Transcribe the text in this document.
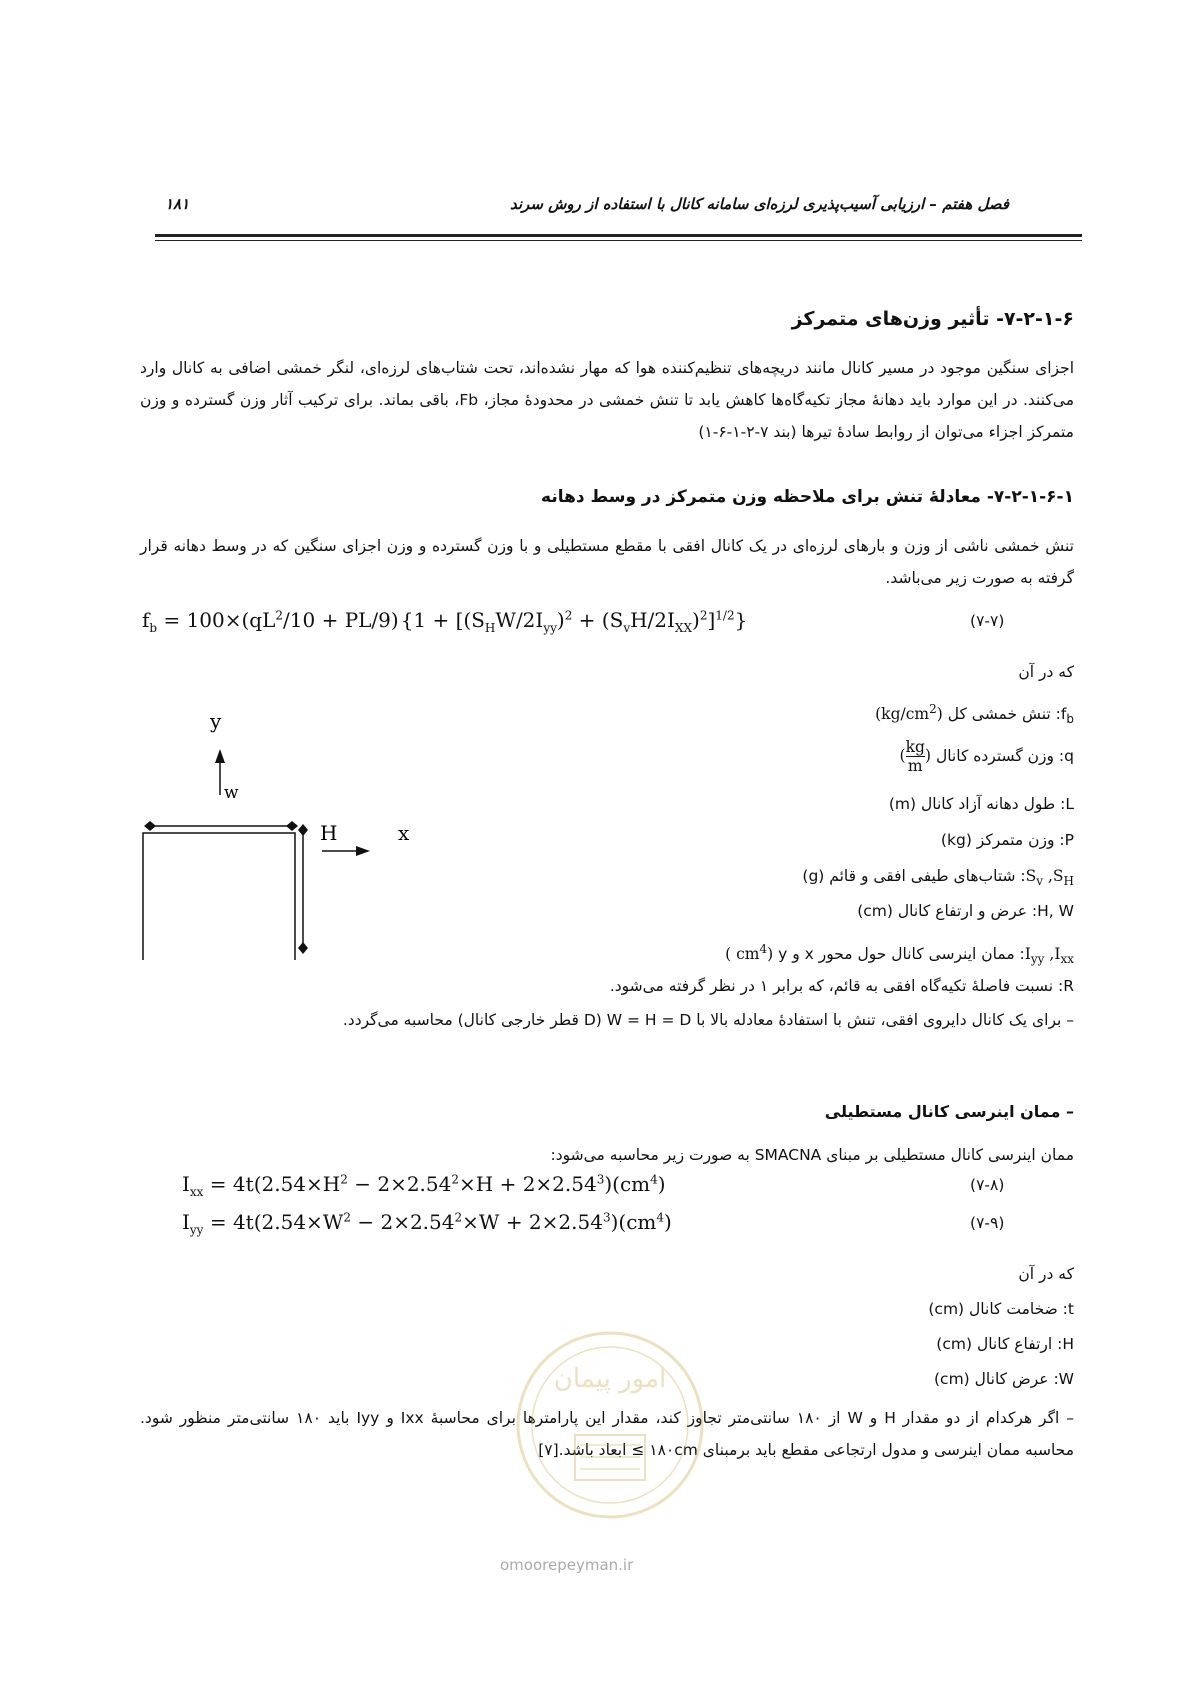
۱۸۱	فصل هفتم – ارزیابی آسیب‌پذیری لرزه‌ای سامانه کانال با استفاده از روش سرند
۷-۲-۱-۶- تأثیر وزن‌های متمرکز
اجزای سنگین موجود در مسیر کانال مانند دریچه‌های تنظیم‌کننده هوا که مهار نشده‌اند، تحت شتاب‌های لرزه‌ای، لنگر خمشی اضافی به کانال وارد می‌کنند. در این موارد باید دهانهٔ مجاز تکیه‌گاه‌ها کاهش یابد تا تنش خمشی در محدودهٔ مجاز، Fb، باقی بماند. برای ترکیب آثار وزن گسترده و وزن متمرکز اجزاء می‌توان از روابط سادهٔ تیرها (بند ۷-۲-۱-۶-۱)
۷-۲-۱-۶-۱- معادلهٔ تنش برای ملاحظه وزن متمرکز در وسط دهانه
تنش خمشی ناشی از وزن و بارهای لرزه‌ای در یک کانال افقی با مقطع مستطیلی و با وزن گسترده و وزن اجزای سنگین که در وسط دهانه قرار گرفته به صورت زیر می‌باشد.
$f_b = 100\times(qL^2/10 + PL/9)$ $\{1 + [(S_HW/2I_{yy})^2 + (S_vH/2I_{XX})^2]^{1/2}\}$	(۷-۷)
که در آن
$f_b$: تنش خمشی کل $(kg/cm^2)$
q: وزن گسترده کانال ( $\frac{kg}{m}$ )
L: طول دهانه آزاد کانال (m)
P: وزن متمرکز (kg)
$S_v$ $,S_H$: شتاب‌های طیفی افقی و قائم (g)
H, W: عرض و ارتفاع کانال (cm)
$I_{yy}$ $,I_{xx}$: ممان اینرسی کانال حول محور x و y ( $cm^4$)
R: نسبت فاصلهٔ تکیه‌گاه افقی به قائم، که برابر ۱ در نظر گرفته می‌شود.
– برای یک کانال دایروی افقی، تنش با استفادهٔ معادله بالا با W = H = D (D قطر خارجی کانال) محاسبه می‌گردد.
y
w
H	x
– ممان اینرسی کانال مستطیلی
ممان اینرسی کانال مستطیلی بر مبنای SMACNA به صورت زیر محاسبه می‌شود:
$I_{xx} = 4t(2.54\times H^2 - 2\times 2.54^2\times H + 2\times 2.54^3)(cm^4)$	(۷-۸)
$I_{yy} = 4t(2.54\times W^2 - 2\times 2.54^2\times W + 2\times 2.54^3)(cm^4)$	(۷-۹)
که در آن
t: ضخامت کانال (cm)
H: ارتفاع کانال (cm)
W: عرض کانال (cm)
– اگر هرکدام از دو مقدار H و W از ۱۸۰ سانتی‌متر تجاوز کند، مقدار این پارامترها برای محاسبهٔ Ixx و Iyy باید ۱۸۰ سانتی‌متر منظور شود. محاسبه ممان اینرسی و مدول ارتجاعی مقطع باید برمبنای ۱۸۰cm ≥ ابعاد باشد.[۷]
امور پیمان
omoorepeyman.ir
